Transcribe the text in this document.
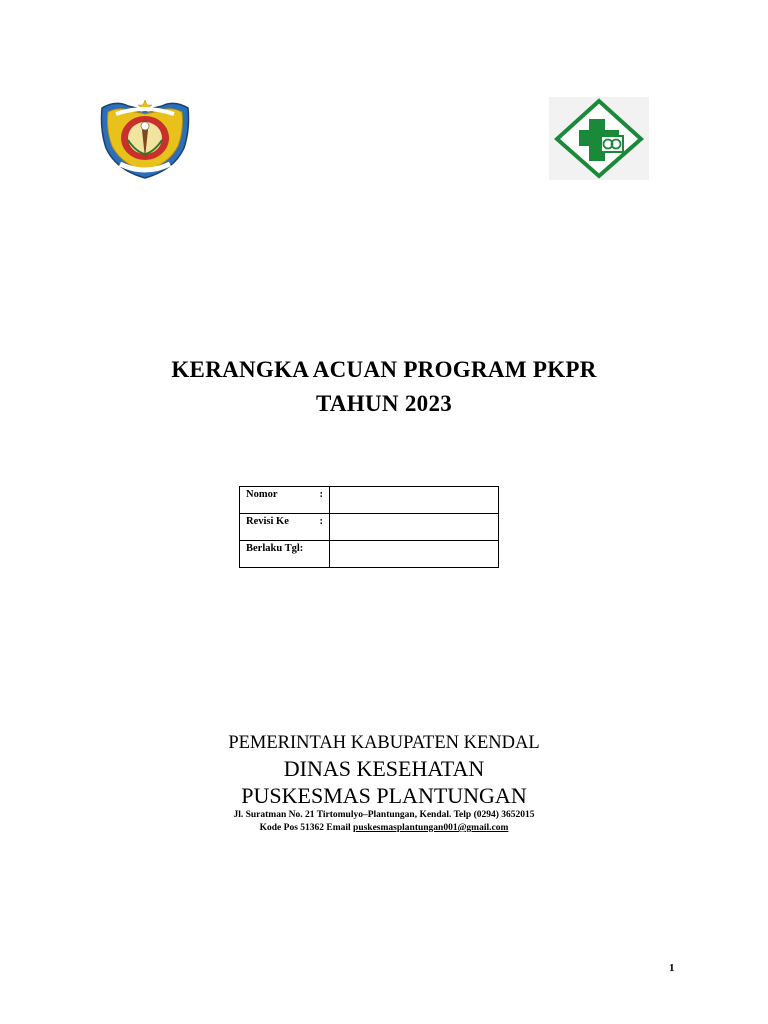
KERANGKA ACUAN PROGRAM PKPR
TAHUN 2023
Nomor :	

Revisi Ke :	

Berlaku Tgl:	

PEMERINTAH KABUPATEN KENDAL
DINAS KESEHATAN
PUSKESMAS PLANTUNGAN
Jl. Suratman No. 21 Tirtomulyo–Plantungan, Kendal. Telp (0294) 3652015
Kode Pos 51362 Email puskesmasplantungan001@gmail.com
1
